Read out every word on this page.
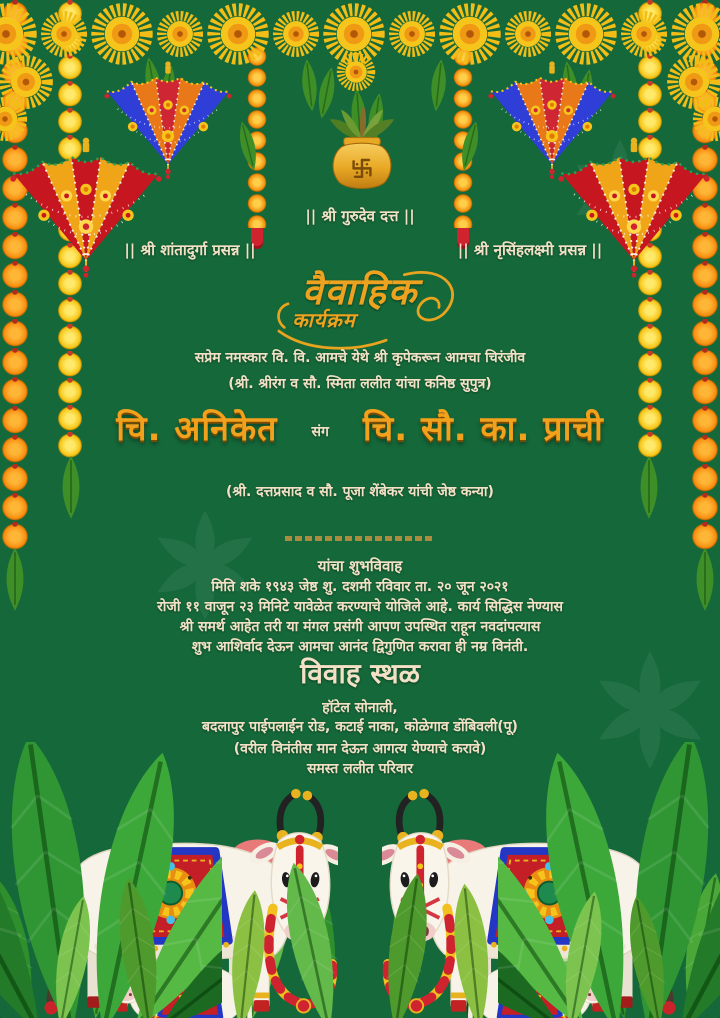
|| श्री गुरुदेव दत्त ||
|| श्री शांतादुर्गा प्रसन्न ||	|| श्री नृसिंहलक्ष्मी प्रसन्न ||
वैवाहिक
कार्यक्रम
सप्रेम नमस्कार वि. वि. आमचे येथे श्री कृपेकरून आमचा चिरंजीव
(श्री. श्रीरंग व सौ. स्मिता ललीत यांचा कनिष्ठ सुपुत्र)
चि. अनिकेत संग चि. सौ. का. प्राची
(श्री. दत्तप्रसाद व सौ. पूजा शेंबेकर यांची जेष्ठ कन्या)
यांचा शुभविवाह
मिति शके १९४३ जेष्ठ शु. दशमी रविवार ता. २० जून २०२१
रोजी ११ वाजून २३ मिनिटे यावेळेत करण्याचे योजिले आहे. कार्य सिद्धिस नेण्यास
श्री समर्थ आहेत तरी या मंगल प्रसंगी आपण उपस्थित राहून नवदांपत्यास
शुभ आशिर्वाद देऊन आमचा आनंद द्विगुणित करावा ही नम्र विनंती.
विवाह स्थळ
हॉटेल सोनाली,
बदलापुर पाईपलाईन रोड, कटाई नाका, कोळेगाव डोंबिवली(पू)
(वरील विनंतीस मान देऊन आगत्य येण्याचे करावे)
समस्त ललीत परिवार
